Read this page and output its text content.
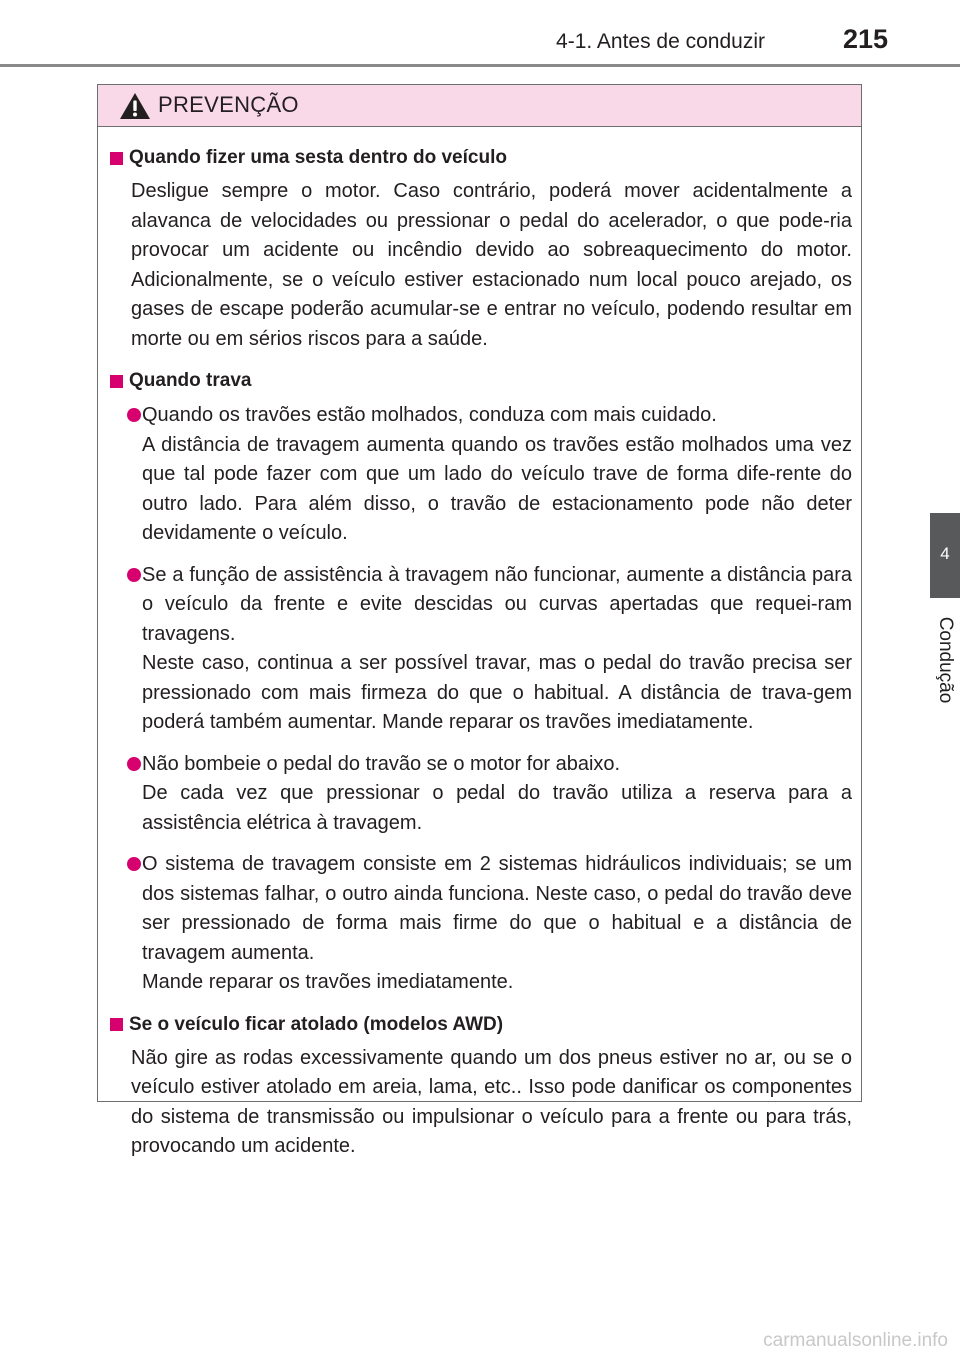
4-1. Antes de conduzir	215
4
Condução
PREVENÇÃO
Quando fizer uma sesta dentro do veículo

Desligue sempre o motor. Caso contrário, poderá mover acidentalmente a alavanca de velocidades ou pressionar o pedal do acelerador, o que pode-ria provocar um acidente ou incêndio devido ao sobreaquecimento do motor. Adicionalmente, se o veículo estiver estacionado num local pouco arejado, os gases de escape poderão acumular-se e entrar no veículo, podendo resultar em morte ou em sérios riscos para a saúde.

Quando trava

Quando os travões estão molhados, conduza com mais cuidado.

A distância de travagem aumenta quando os travões estão molhados uma vez que tal pode fazer com que um lado do veículo trave de forma dife-rente do outro lado. Para além disso, o travão de estacionamento pode não deter devidamente o veículo.

Se a função de assistência à travagem não funcionar, aumente a distância para o veículo da frente e evite descidas ou curvas apertadas que requei-ram travagens.

Neste caso, continua a ser possível travar, mas o pedal do travão precisa ser pressionado com mais firmeza do que o habitual. A distância de trava-gem poderá também aumentar. Mande reparar os travões imediatamente.

Não bombeie o pedal do travão se o motor for abaixo.

De cada vez que pressionar o pedal do travão utiliza a reserva para a assistência elétrica à travagem.

O sistema de travagem consiste em 2 sistemas hidráulicos individuais; se um dos sistemas falhar, o outro ainda funciona. Neste caso, o pedal do travão deve ser pressionado de forma mais firme do que o habitual e a distância de travagem aumenta.

Mande reparar os travões imediatamente.

Se o veículo ficar atolado (modelos AWD)

Não gire as rodas excessivamente quando um dos pneus estiver no ar, ou se o veículo estiver atolado em areia, lama, etc.. Isso pode danificar os componentes do sistema de transmissão ou impulsionar o veículo para a frente ou para trás, provocando um acidente.

carmanualsonline.info
